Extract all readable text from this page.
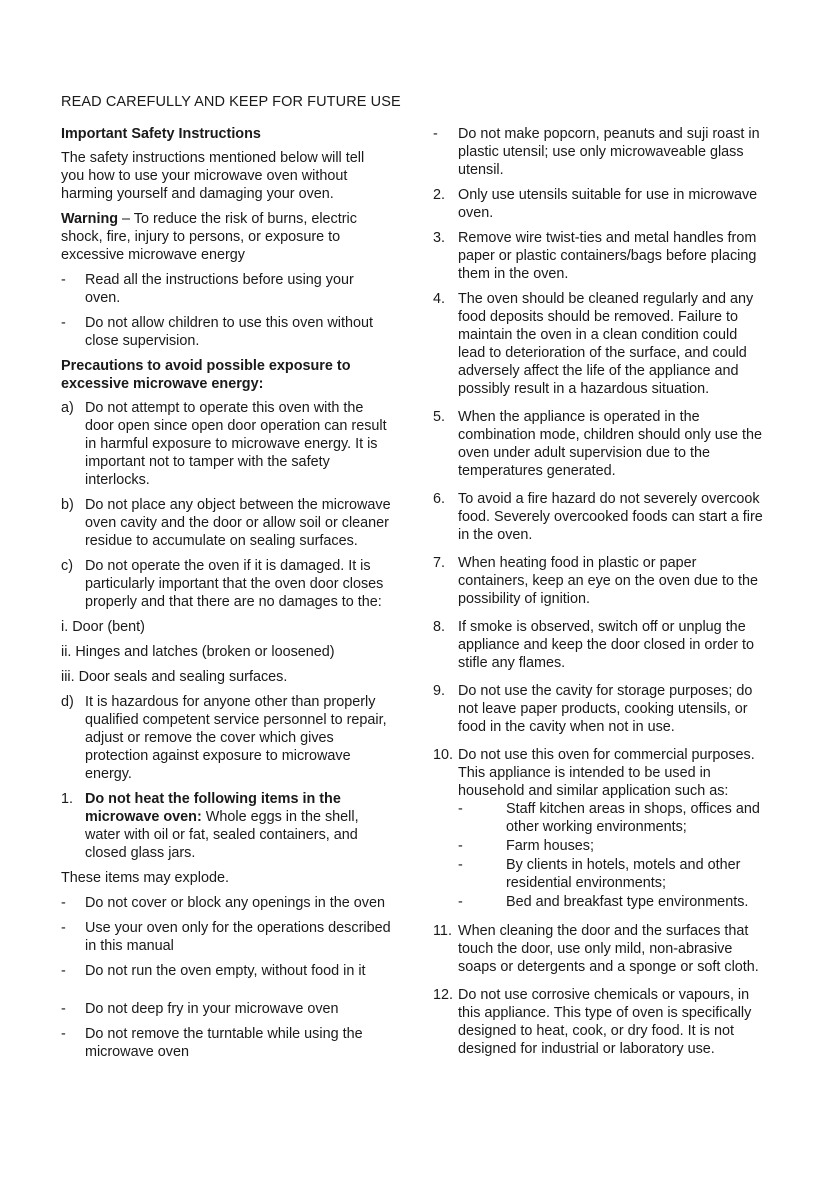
READ CAREFULLY AND KEEP FOR FUTURE USE

Important Safety Instructions

The safety instructions mentioned below will tell you how to use your microwave oven without harming yourself and damaging your oven.

Warning – To reduce the risk of burns, electric shock, fire, injury to persons, or exposure to excessive microwave energy

-	Read all the instructions before using your oven.
-	Do not allow children to use this oven without close supervision.

Precautions to avoid possible exposure to excessive microwave energy:

a) Do not attempt to operate this oven with the door open since open door operation can result in harmful exposure to microwave energy. It is important not to tamper with the safety interlocks.
b) Do not place any object between the microwave oven cavity and the door or allow soil or cleaner residue to accumulate on sealing surfaces.
c) Do not operate the oven if it is damaged. It is particularly important that the oven door closes properly and that there are no damages to the:

i. Door (bent)

ii. Hinges and latches (broken or loosened)

iii. Door seals and sealing surfaces.

d) It is hazardous for anyone other than properly qualified competent service personnel to repair, adjust or remove the cover which gives protection against exposure to microwave energy.
1. Do not heat the following items in the microwave oven: Whole eggs in the shell, water with oil or fat, sealed containers, and closed glass jars.

These items may explode.

-	Do not cover or block any openings in the oven
-	Use your oven only for the operations described in this manual
-	Do not run the oven empty, without food in it
-	Do not deep fry in your microwave oven
-	Do not remove the turntable while using the microwave oven
-	Do not make popcorn, peanuts and suji roast in plastic utensil; use only microwaveable glass utensil.
2. Only use utensils suitable for use in microwave oven.
3. Remove wire twist-ties and metal handles from paper or plastic containers/bags before placing them in the oven.
4. The oven should be cleaned regularly and any food deposits should be removed. Failure to maintain the oven in a clean condition could lead to deterioration of the surface, and could adversely affect the life of the appliance and possibly result in a hazardous situation.
5. When the appliance is operated in the combination mode, children should only use the oven under adult supervision due to the temperatures generated.
6. To avoid a fire hazard do not severely overcook food. Severely overcooked foods can start a fire in the oven.
7. When heating food in plastic or paper containers, keep an eye on the oven due to the possibility of ignition.
8. If smoke is observed, switch off or unplug the appliance and keep the door closed in order to stifle any flames.
9. Do not use the cavity for storage purposes; do not leave paper products, cooking utensils, or food in the cavity when not in use.
10. Do not use this oven for commercial purposes. This appliance is intended to be used in household and similar application such as:
-	Staff kitchen areas in shops, offices and other working environments;
-	Farm houses;
-	By clients in hotels, motels and other residential environments;
-	Bed and breakfast type environments.
11. When cleaning the door and the surfaces that touch the door, use only mild, non-abrasive soaps or detergents and a sponge or soft cloth.
12. Do not use corrosive chemicals or vapours, in this appliance. This type of oven is specifically designed to heat, cook, or dry food. It is not designed for industrial or laboratory use.
